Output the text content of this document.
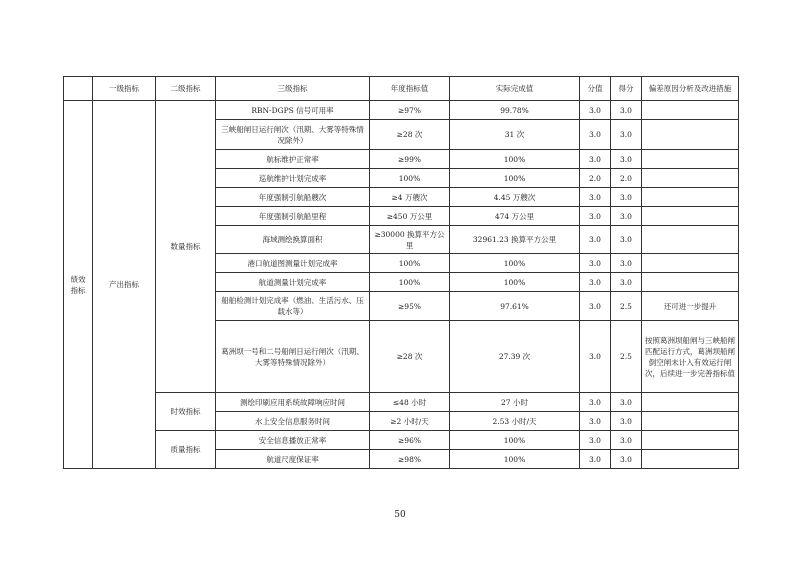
	一级指标	二级指标	三级指标	年度指标值	实际完成值	分值	得分	偏差原因分析及改进措施
绩效指标	产出指标	数量指标	RBN-DGPS 信号可用率	≥97%	99.78%	3.0	3.0	
			三峡船闸日运行闸次（汛期、大雾等特殊情况除外）	≥28 次	31 次	3.0	3.0	
			航标维护正常率	≥99%	100%	3.0	3.0	
			巡航维护计划完成率	100%	100%	2.0	2.0	
			年度强制引航船艘次	≥4 万艘次	4.45 万艘次	3.0	3.0	
			年度强制引航船里程	≥450 万公里	474 万公里	3.0	3.0	
			海域测绘换算面积	≥30000 换算平方公里	32961.23 换算平方公里	3.0	3.0	
			港口航道图测量计划完成率	100%	100%	3.0	3.0	
			航道测量计划完成率	100%	100%	3.0	3.0	
			船舶检测计划完成率（燃油、生活污水、压载水等）	≥95%	97.61%	3.0	2.5	还可进一步提升
			葛洲坝一号和二号船闸日运行闸次（汛期、大雾等特殊情况除外）	≥28 次	27.39 次	3.0	2.5	按照葛洲坝船闸与三峡船闸匹配运行方式，葛洲坝船闸倒空闸未计入有效运行闸次，后续进一步完善指标值
		时效指标	测绘印刷应用系统故障响应时间	≤48 小时	27 小时	3.0	3.0	
			水上安全信息服务时间	≥2 小时/天	2.53 小时/天	3.0	3.0	
		质量指标	安全信息播放正常率	≥96%	100%	3.0	3.0	
			航道尺度保证率	≥98%	100%	3.0	3.0	
50
